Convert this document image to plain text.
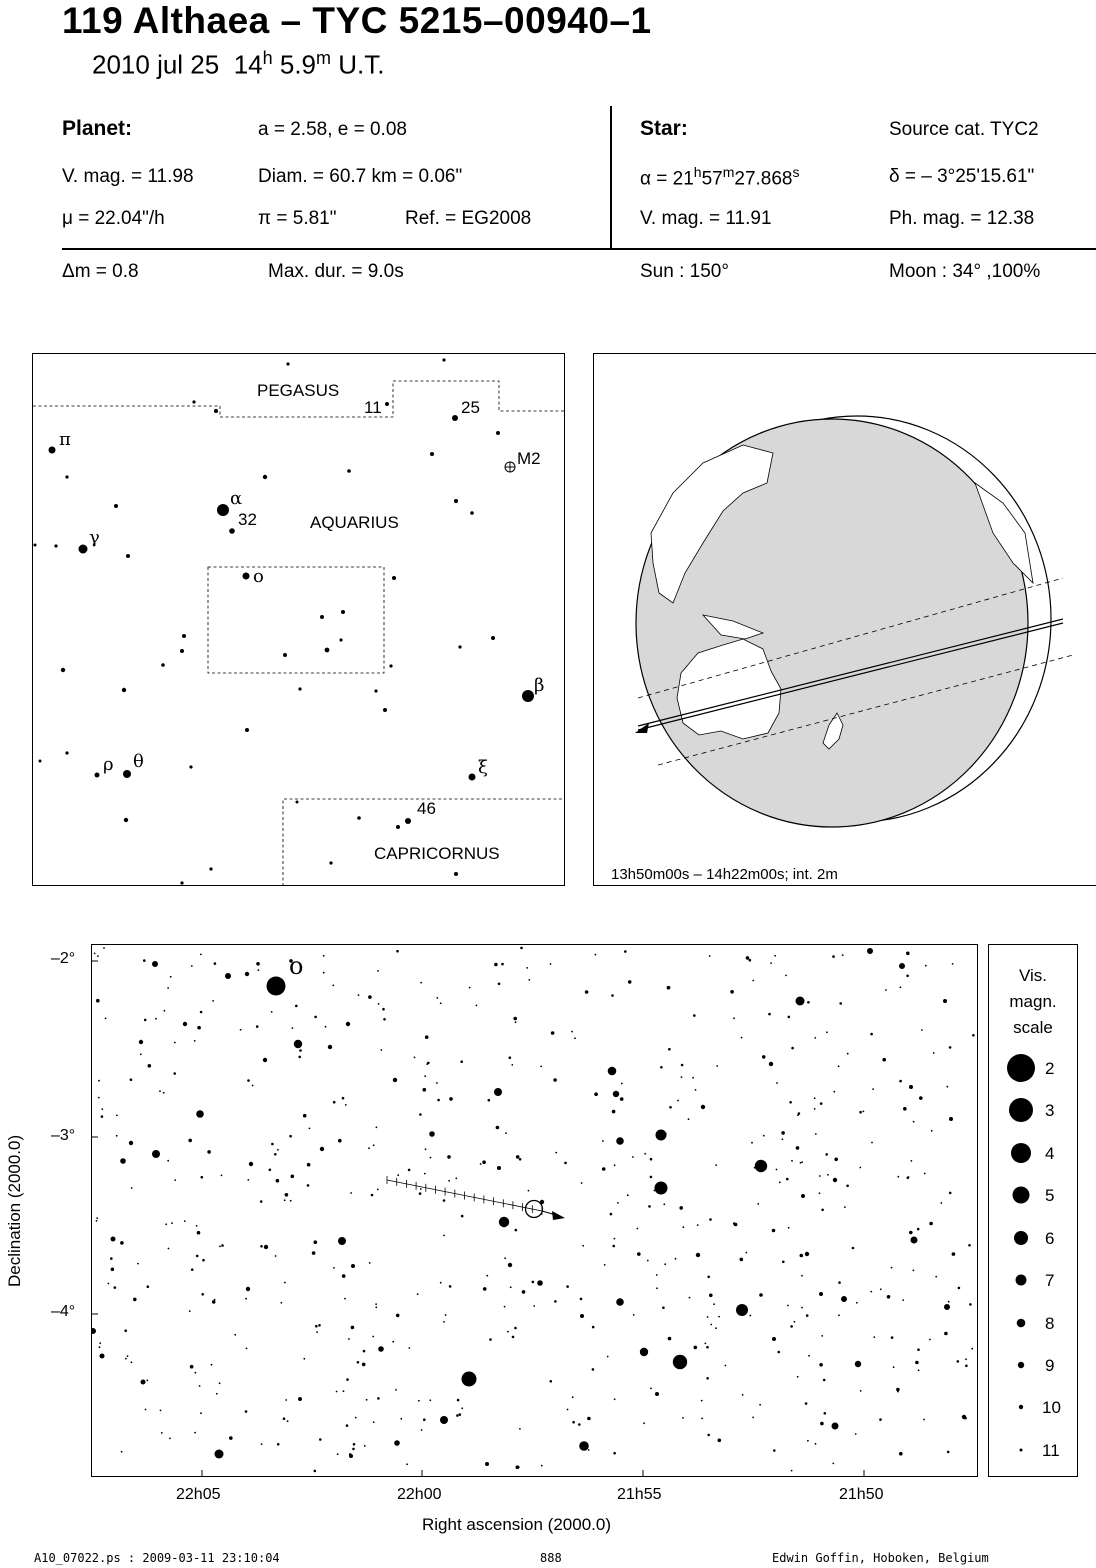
119 Althaea – TYC 5215–00940–1
2010 jul 25 14$^h$ 5.9$^m$ U.T.
Planet:	a = 2.58, e = 0.08
V. mag. = 11.98	Diam. = 60.7 km = 0.06"
μ = 22.04"/h	π = 5.81"	Ref. = EG2008
Star:	Source cat. TYC2
$\alpha = 21^h57^m27.868^s$	δ = – 3°25'15.61"
V. mag. = 11.91	Ph. mag. = 12.38
Δm = 0.8	Max. dur. = 9.0s	Sun : 150°	Moon : 34° ,100%
PEGASUS
11	25
M2
AQUARIUS
32
46
CAPRICORNUS
π
γ
α
o
β
ρ θ	ξ
13h50m00s – 14h22m00s; int. 2m
o
–2°
–3°
–4°
22h05	22h00	21h55	21h50
Right ascension (2000.0)
Declination (2000.0)
Vis.
magn.
scale
2
3
4
5
6
7
8
9
10
11
A10_07022.ps : 2009-03-11 23:10:04	888	Edwin Goffin, Hoboken, Belgium
